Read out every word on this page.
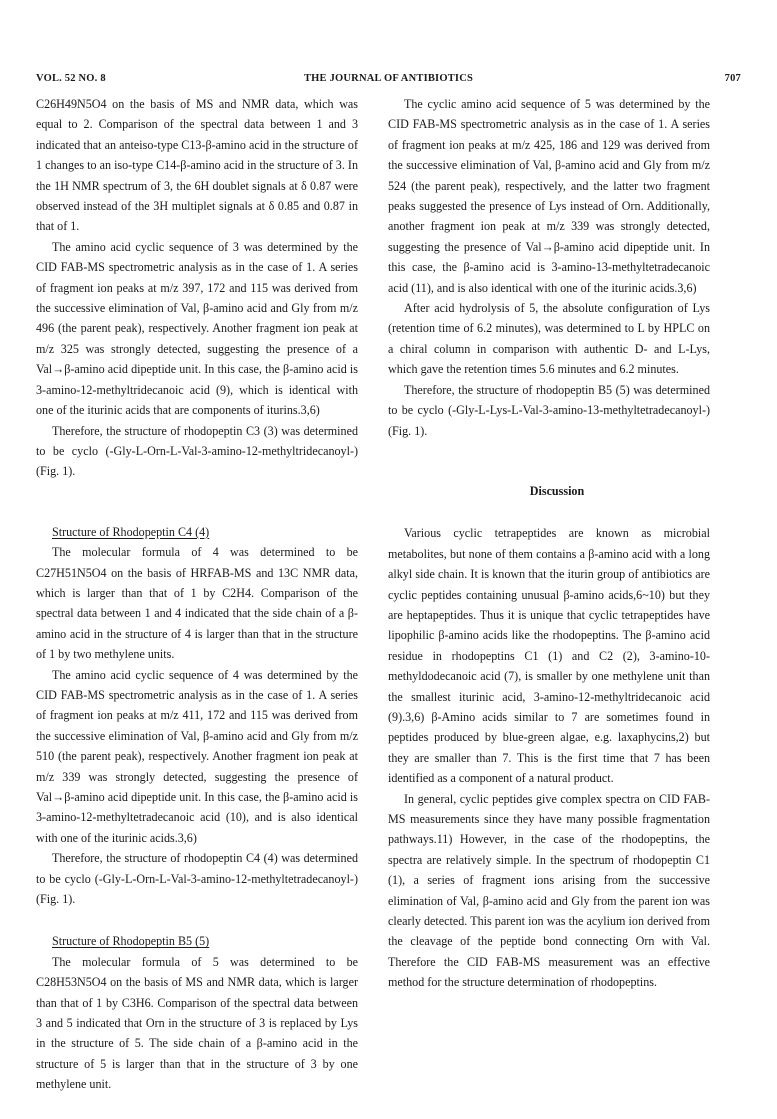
VOL. 52 NO. 8	THE JOURNAL OF ANTIBIOTICS	707

C26H49N5O4 on the basis of MS and NMR data, which was equal to 2. Comparison of the spectral data between 1 and 3 indicated that an anteiso-type C13-β-amino acid in the structure of 1 changes to an iso-type C14-β-amino acid in the structure of 3. In the 1H NMR spectrum of 3, the 6H doublet signals at δ 0.87 were observed instead of the 3H multiplet signals at δ 0.85 and 0.87 in that of 1.

The amino acid cyclic sequence of 3 was determined by the CID FAB-MS spectrometric analysis as in the case of 1. A series of fragment ion peaks at m/z 397, 172 and 115 was derived from the successive elimination of Val, β-amino acid and Gly from m/z 496 (the parent peak), respectively. Another fragment ion peak at m/z 325 was strongly detected, suggesting the presence of a Val→β-amino acid dipeptide unit. In this case, the β-amino acid is 3-amino-12-methyltridecanoic acid (9), which is identical with one of the iturinic acids that are components of iturins.3,6)

Therefore, the structure of rhodopeptin C3 (3) was determined to be cyclo (-Gly-L-Orn-L-Val-3-amino-12-methyltridecanoyl-) (Fig. 1).

Structure of Rhodopeptin C4 (4)

The molecular formula of 4 was determined to be C27H51N5O4 on the basis of HRFAB-MS and 13C NMR data, which is larger than that of 1 by C2H4. Comparison of the spectral data between 1 and 4 indicated that the side chain of a β-amino acid in the structure of 4 is larger than that in the structure of 1 by two methylene units.

The amino acid cyclic sequence of 4 was determined by the CID FAB-MS spectrometric analysis as in the case of 1. A series of fragment ion peaks at m/z 411, 172 and 115 was derived from the successive elimination of Val, β-amino acid and Gly from m/z 510 (the parent peak), respectively. Another fragment ion peak at m/z 339 was strongly detected, suggesting the presence of Val→β-amino acid dipeptide unit. In this case, the β-amino acid is 3-amino-12-methyltetradecanoic acid (10), and is also identical with one of the iturinic acids.3,6)

Therefore, the structure of rhodopeptin C4 (4) was determined to be cyclo (-Gly-L-Orn-L-Val-3-amino-12-methyltetradecanoyl-) (Fig. 1).

Structure of Rhodopeptin B5 (5)

The molecular formula of 5 was determined to be C28H53N5O4 on the basis of MS and NMR data, which is larger than that of 1 by C3H6. Comparison of the spectral data between 3 and 5 indicated that Orn in the structure of 3 is replaced by Lys in the structure of 5. The side chain of a β-amino acid in the structure of 5 is larger than that in the structure of 3 by one methylene unit.

The cyclic amino acid sequence of 5 was determined by the CID FAB-MS spectrometric analysis as in the case of 1. A series of fragment ion peaks at m/z 425, 186 and 129 was derived from the successive elimination of Val, β-amino acid and Gly from m/z 524 (the parent peak), respectively, and the latter two fragment peaks suggested the presence of Lys instead of Orn. Additionally, another fragment ion peak at m/z 339 was strongly detected, suggesting the presence of Val→β-amino acid dipeptide unit. In this case, the β-amino acid is 3-amino-13-methyltetradecanoic acid (11), and is also identical with one of the iturinic acids.3,6)

After acid hydrolysis of 5, the absolute configuration of Lys (retention time of 6.2 minutes), was determined to L by HPLC on a chiral column in comparison with authentic D- and L-Lys, which gave the retention times 5.6 minutes and 6.2 minutes.

Therefore, the structure of rhodopeptin B5 (5) was determined to be cyclo (-Gly-L-Lys-L-Val-3-amino-13-methyltetradecanoyl-) (Fig. 1).

Discussion

Various cyclic tetrapeptides are known as microbial metabolites, but none of them contains a β-amino acid with a long alkyl side chain. It is known that the iturin group of antibiotics are cyclic peptides containing unusual β-amino acids,6~10) but they are heptapeptides. Thus it is unique that cyclic tetrapeptides have lipophilic β-amino acids like the rhodopeptins. The β-amino acid residue in rhodopeptins C1 (1) and C2 (2), 3-amino-10-methyldodecanoic acid (7), is smaller by one methylene unit than the smallest iturinic acid, 3-amino-12-methyltridecanoic acid (9).3,6) β-Amino acids similar to 7 are sometimes found in peptides produced by blue-green algae, e.g. laxaphycins,2) but they are smaller than 7. This is the first time that 7 has been identified as a component of a natural product.

In general, cyclic peptides give complex spectra on CID FAB-MS measurements since they have many possible fragmentation pathways.11) However, in the case of the rhodopeptins, the spectra are relatively simple. In the spectrum of rhodopeptin C1 (1), a series of fragment ions arising from the successive elimination of Val, β-amino acid and Gly from the parent ion was clearly detected. This parent ion was the acylium ion derived from the cleavage of the peptide bond connecting Orn with Val. Therefore the CID FAB-MS measurement was an effective method for the structure determination of rhodopeptins.
